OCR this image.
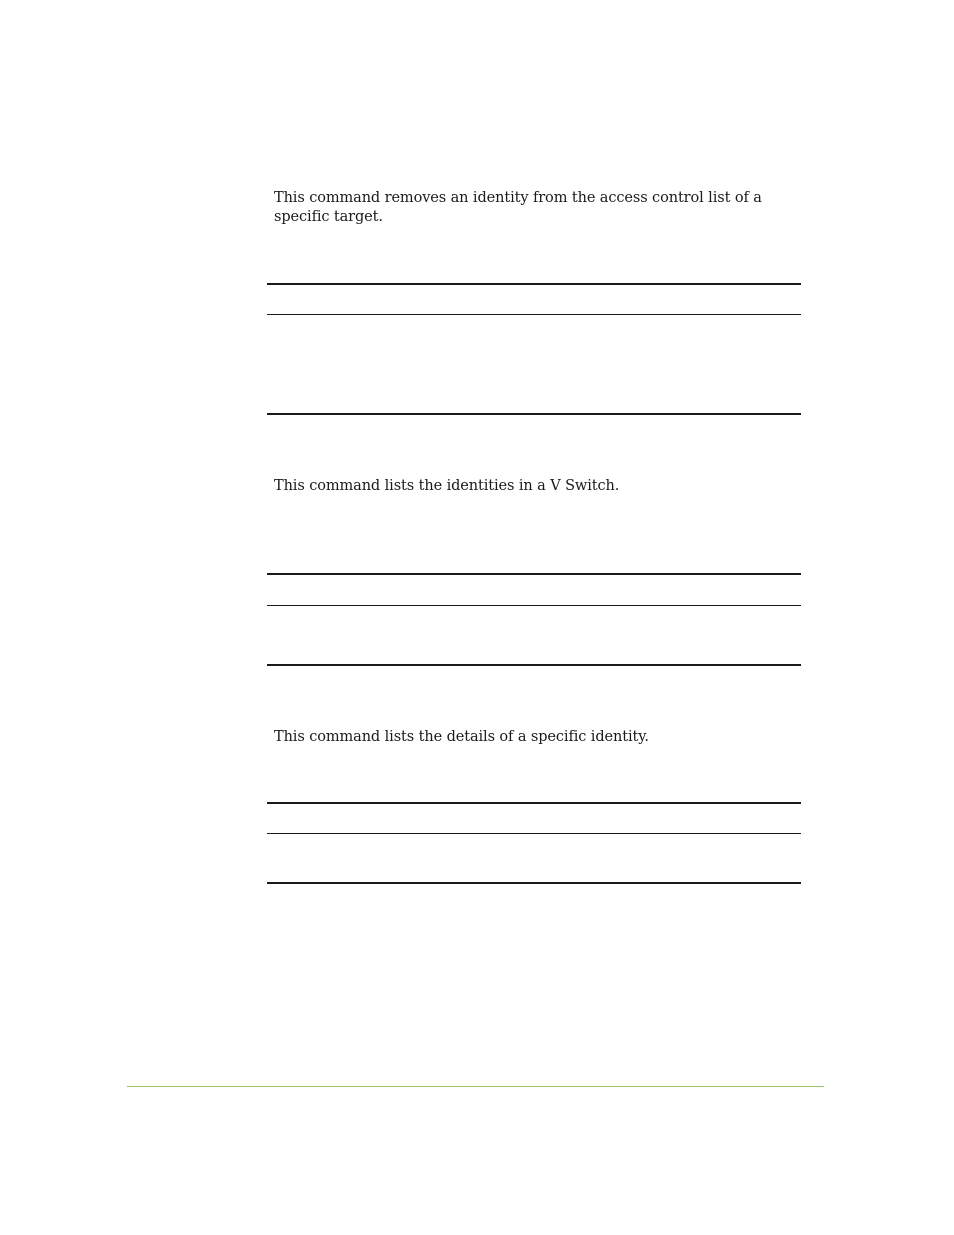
This command removes an identity from the access control list of a specific target.

This command lists the identities in a V Switch.

This command lists the details of a specific identity.
